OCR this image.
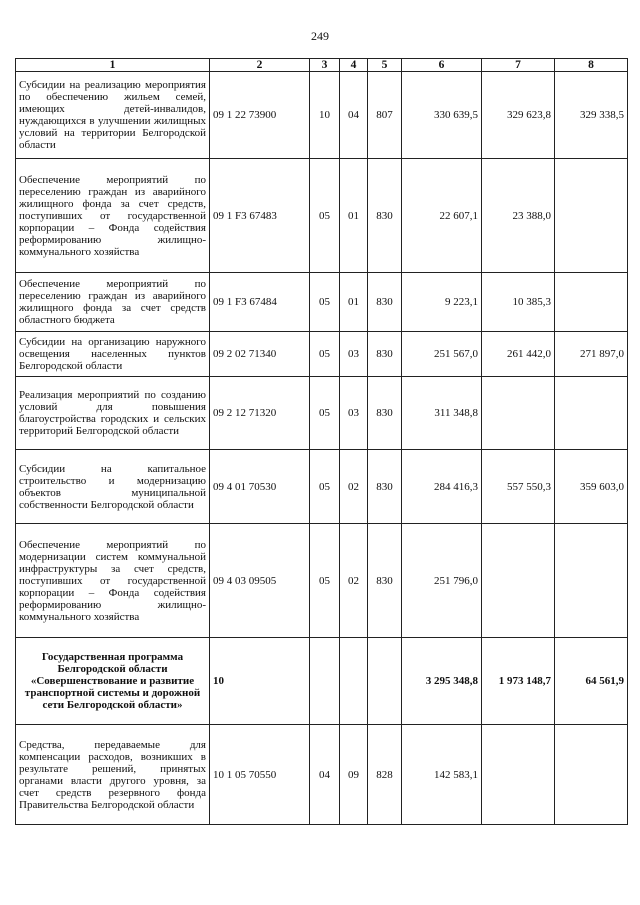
249
1	2	3	4	5	6	7	8
Субсидии на реализацию мероприятия по обеспечению жильем семей, имеющих детей-инвалидов, нуждающихся в улучшении жилищных условий на территории Белгородской области	09 1 22 73900	10	04	807	330 639,5	329 623,8	329 338,5
Обеспечение мероприятий по переселению граждан из аварийного жилищного фонда за счет средств, поступивших от государственной корпорации – Фонда содействия реформированию жилищно-коммунального хозяйства	09 1 F3 67483	05	01	830	22 607,1	23 388,0	
Обеспечение мероприятий по переселению граждан из аварийного жилищного фонда за счет средств областного бюджета	09 1 F3 67484	05	01	830	9 223,1	10 385,3	
Субсидии на организацию наружного освещения населенных пунктов Белгородской области	09 2 02 71340	05	03	830	251 567,0	261 442,0	271 897,0
Реализация мероприятий по созданию условий для повышения благоустройства городских и сельских территорий Белгородской области	09 2 12 71320	05	03	830	311 348,8		
Субсидии на капитальное строительство и модернизацию объектов муниципальной собственности Белгородской области	09 4 01 70530	05	02	830	284 416,3	557 550,3	359 603,0
Обеспечение мероприятий по модернизации систем коммунальной инфраструктуры за счет средств, поступивших от государственной корпорации – Фонда содействия реформированию жилищно-коммунального хозяйства	09 4 03 09505	05	02	830	251 796,0		
Государственная программа Белгородской области «Совершенствование и развитие транспортной системы и дорожной сети Белгородской области»	10				3 295 348,8	1 973 148,7	64 561,9
Средства, передаваемые для компенсации расходов, возникших в результате решений, принятых органами власти другого уровня, за счет средств резервного фонда Правительства Белгородской области	10 1 05 70550	04	09	828	142 583,1		
